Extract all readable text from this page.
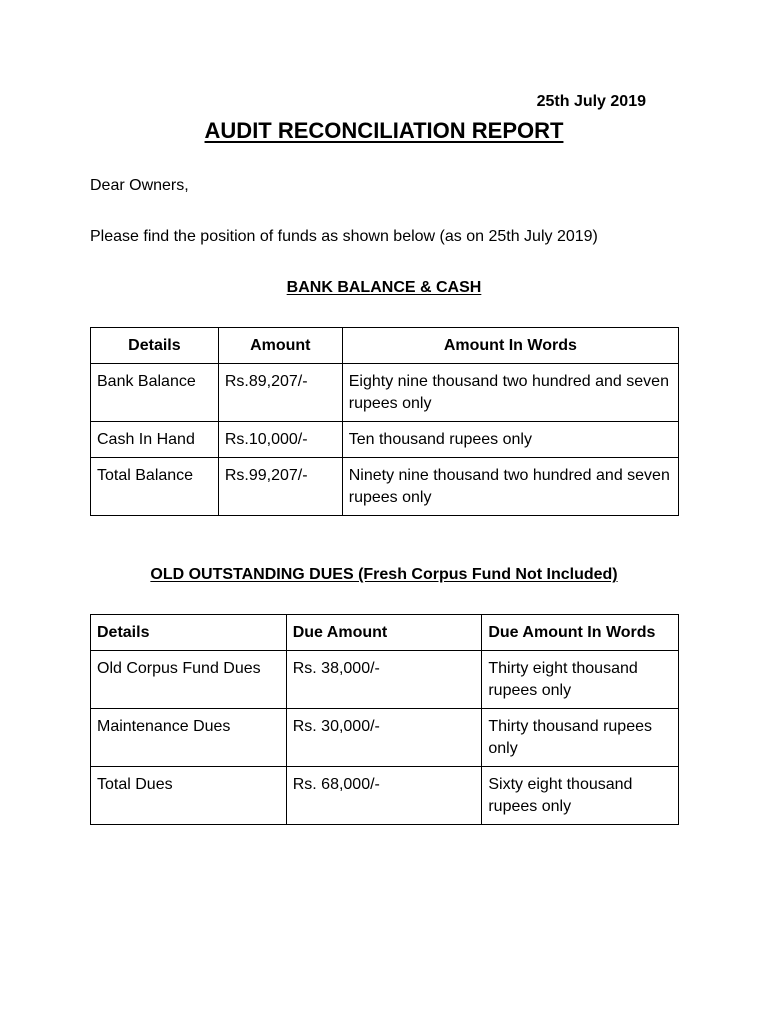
25th July 2019
AUDIT RECONCILIATION REPORT
Dear Owners,
Please find the position of funds as shown below (as on 25th July 2019)
BANK BALANCE & CASH
Details	Amount	Amount In Words
Bank Balance	Rs.89,207/-	Eighty nine thousand two hundred and seven rupees only
Cash In Hand	Rs.10,000/-	Ten thousand rupees only
Total Balance	Rs.99,207/-	Ninety nine thousand two hundred and seven rupees only
OLD OUTSTANDING DUES (Fresh Corpus Fund Not Included)
Details	Due Amount	Due Amount In Words
Old Corpus Fund Dues	Rs. 38,000/-	Thirty eight thousand rupees only
Maintenance Dues	Rs. 30,000/-	Thirty thousand rupees only
Total Dues	Rs. 68,000/-	Sixty eight thousand rupees only
